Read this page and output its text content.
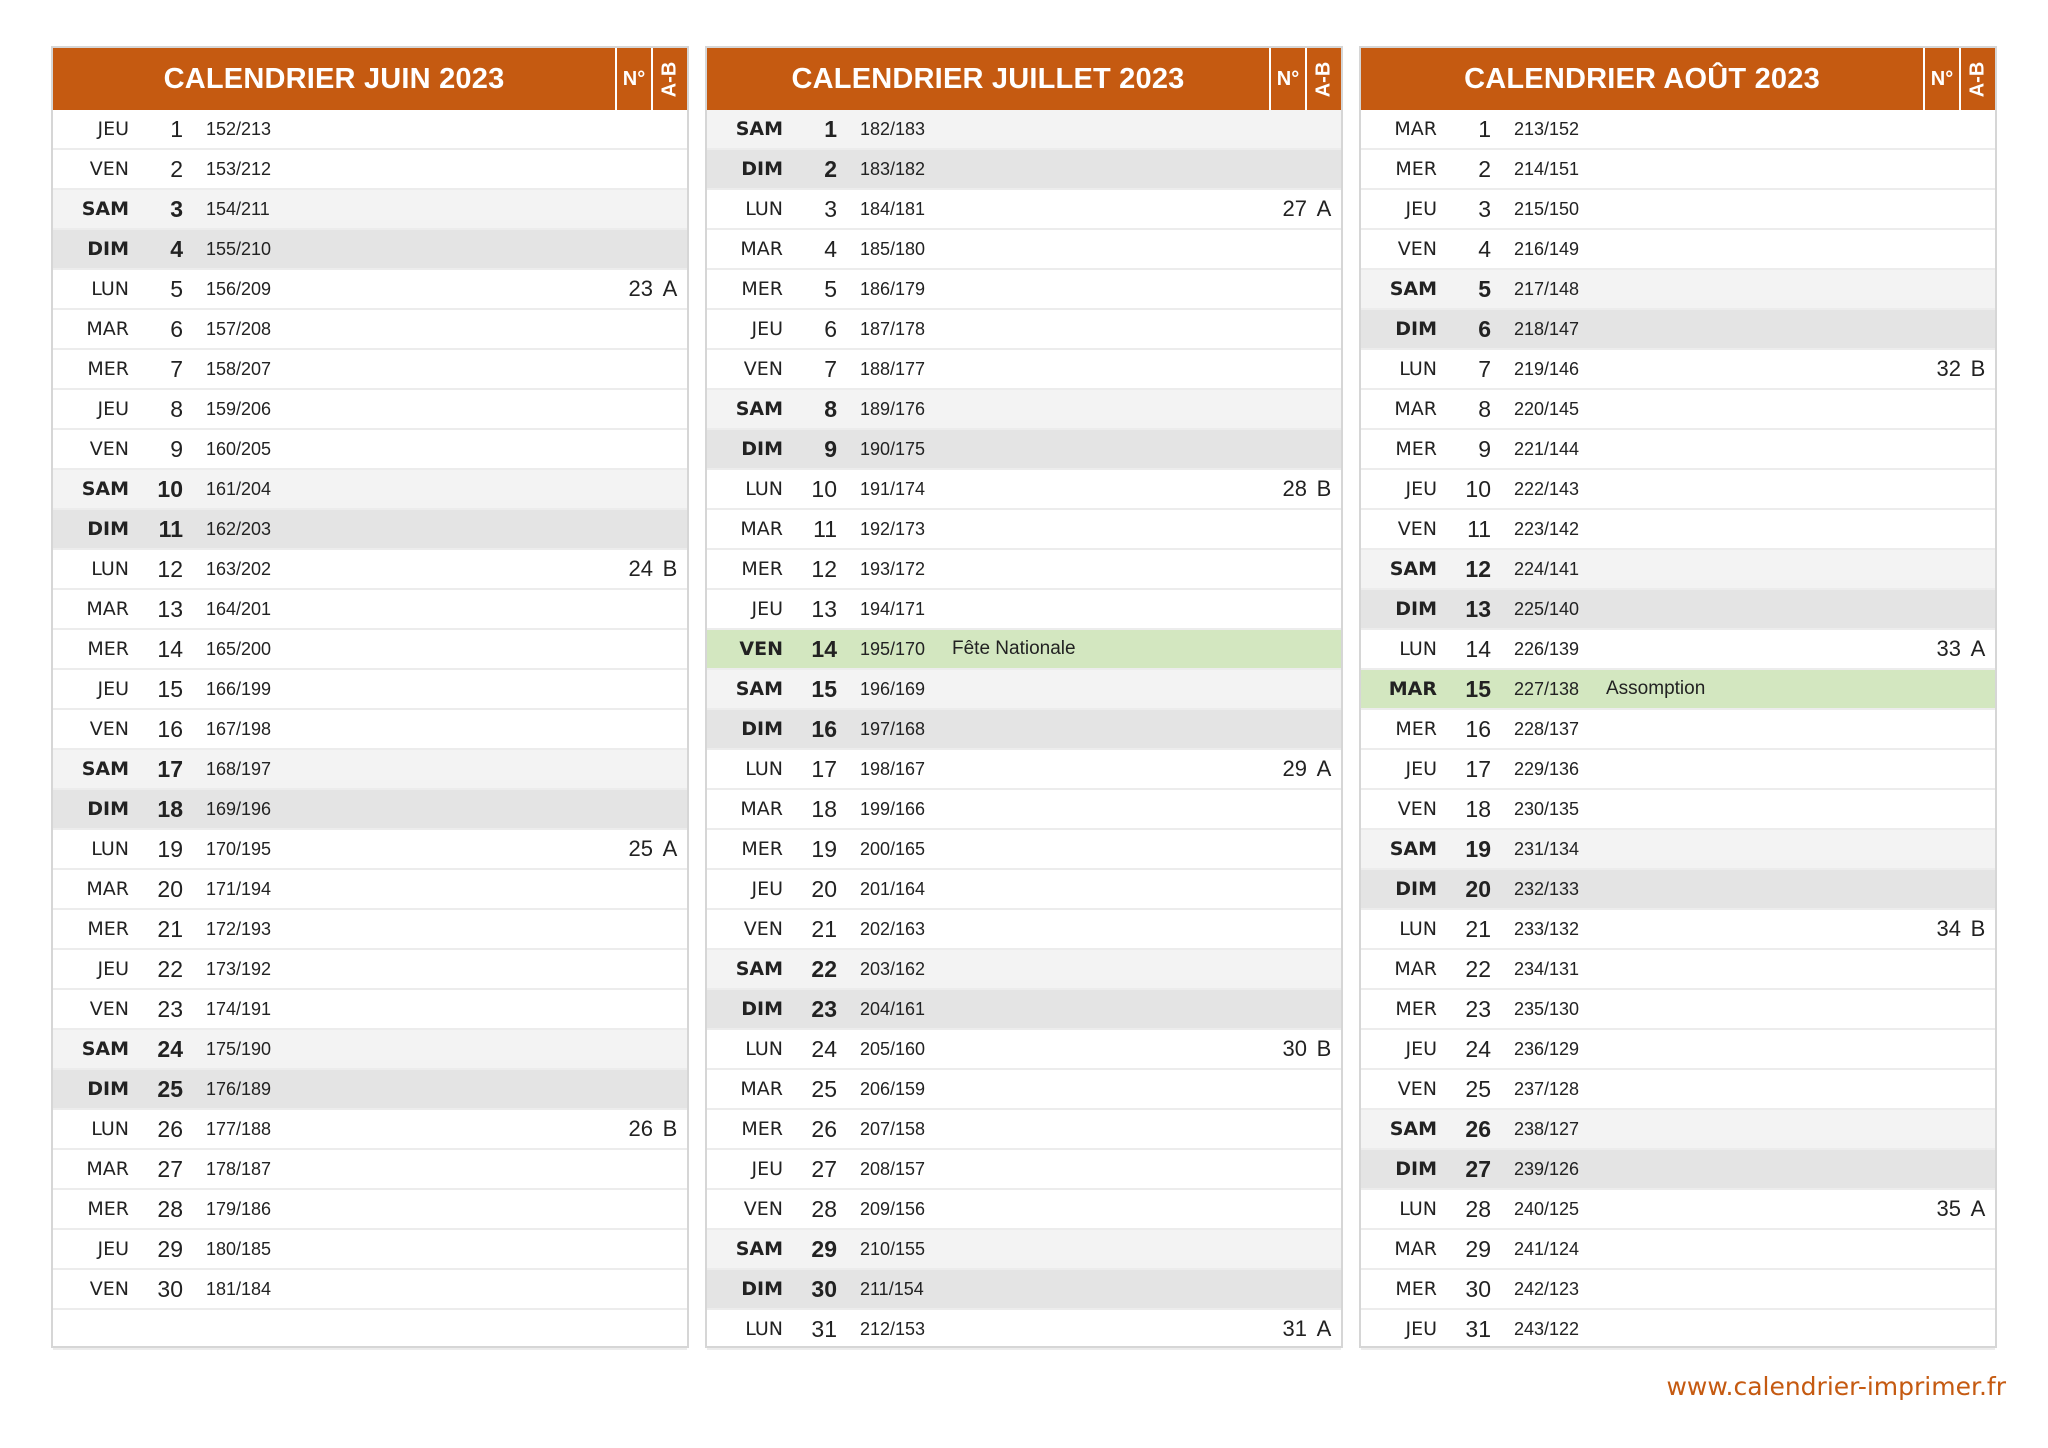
CALENDRIER JUIN 2023	N° A-B
JEU	1	152/213
VEN	2	153/212
SAM	3	154/211
DIM	4	155/210
LUN	5	156/209	23 A
MAR	6	157/208
MER	7	158/207
JEU	8	159/206
VEN	9	160/205
SAM	10	161/204
DIM	11	162/203
LUN	12	163/202	24 B
MAR	13	164/201
MER	14	165/200
JEU	15	166/199
VEN	16	167/198
SAM	17	168/197
DIM	18	169/196
LUN	19	170/195	25 A
MAR	20	171/194
MER	21	172/193
JEU	22	173/192
VEN	23	174/191
SAM	24	175/190
DIM	25	176/189
LUN	26	177/188	26 B
MAR	27	178/187
MER	28	179/186
JEU	29	180/185
VEN	30	181/184
CALENDRIER JUILLET 2023	N° A-B
SAM	1	182/183
DIM	2	183/182
LUN	3	184/181	27 A
MAR	4	185/180
MER	5	186/179
JEU	6	187/178
VEN	7	188/177
SAM	8	189/176
DIM	9	190/175
LUN	10	191/174	28 B
MAR	11	192/173
MER	12	193/172
JEU	13	194/171
VEN	14	195/170	Fête Nationale
SAM	15	196/169
DIM	16	197/168
LUN	17	198/167	29 A
MAR	18	199/166
MER	19	200/165
JEU	20	201/164
VEN	21	202/163
SAM	22	203/162
DIM	23	204/161
LUN	24	205/160	30 B
MAR	25	206/159
MER	26	207/158
JEU	27	208/157
VEN	28	209/156
SAM	29	210/155
DIM	30	211/154
LUN	31	212/153	31 A
CALENDRIER AOÛT 2023	N° A-B
MAR	1	213/152
MER	2	214/151
JEU	3	215/150
VEN	4	216/149
SAM	5	217/148
DIM	6	218/147
LUN	7	219/146	32 B
MAR	8	220/145
MER	9	221/144
JEU	10	222/143
VEN	11	223/142
SAM	12	224/141
DIM	13	225/140
LUN	14	226/139	33 A
MAR	15	227/138	Assomption
MER	16	228/137
JEU	17	229/136
VEN	18	230/135
SAM	19	231/134
DIM	20	232/133
LUN	21	233/132	34 B
MAR	22	234/131
MER	23	235/130
JEU	24	236/129
VEN	25	237/128
SAM	26	238/127
DIM	27	239/126
LUN	28	240/125	35 A
MAR	29	241/124
MER	30	242/123
JEU	31	243/122
www.calendrier-imprimer.fr
